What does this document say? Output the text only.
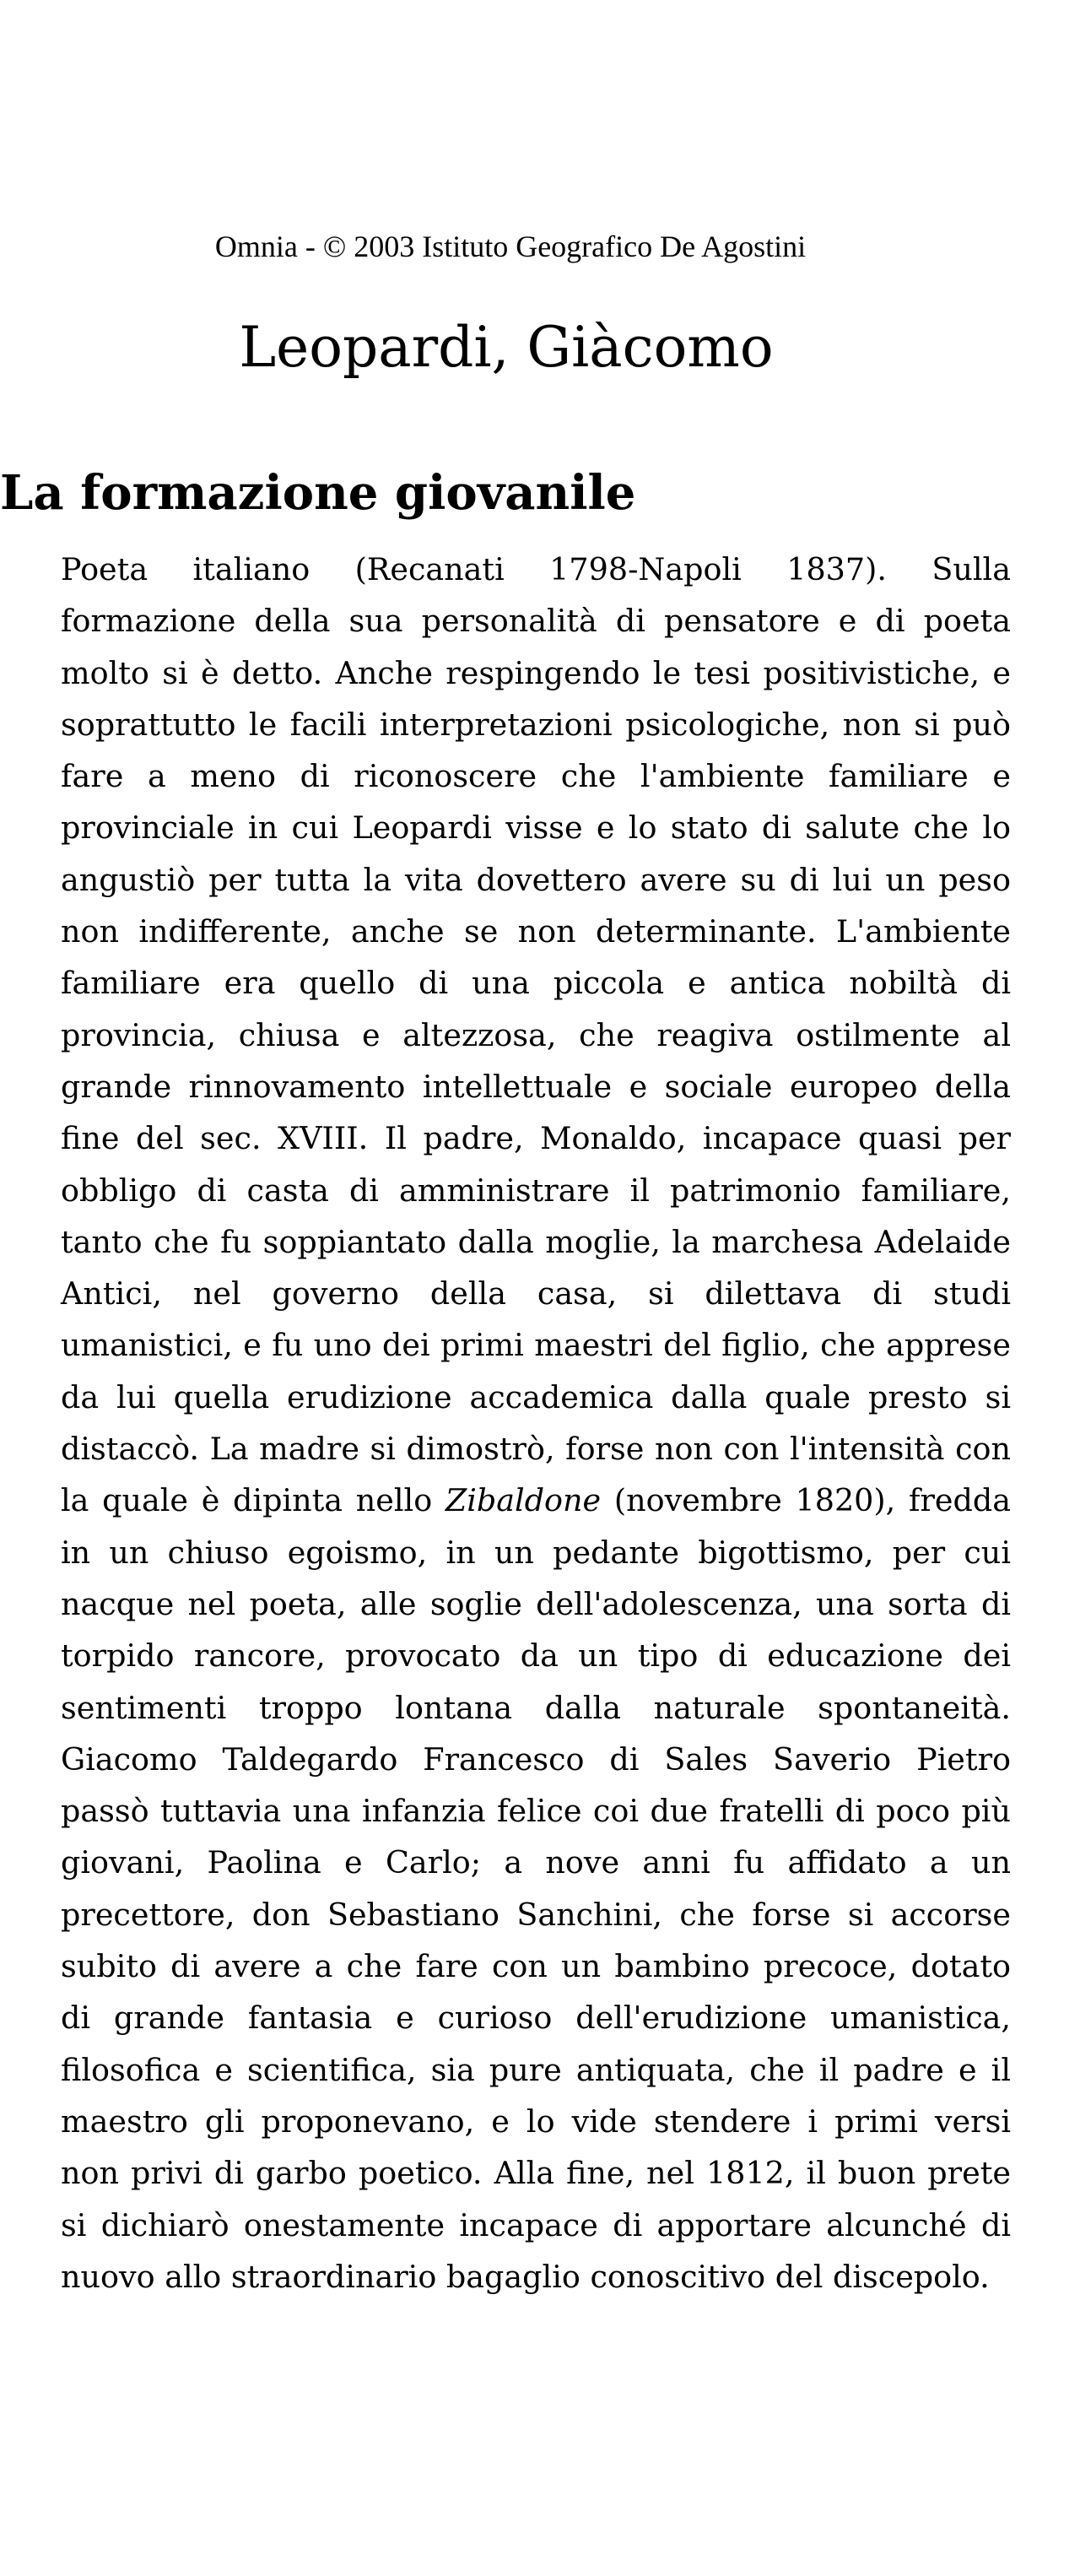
Omnia - © 2003 Istituto Geografico De Agostini
Leopardi, Giàcomo
La formazione giovanile

Poeta italiano (Recanati 1798-Napoli 1837). Sulla formazione della sua personalità di pensatore e di poeta molto si è detto. Anche respingendo le tesi positivistiche, e soprattutto le facili interpretazioni psicologiche, non si può fare a meno di riconoscere che l'ambiente familiare e provinciale in cui Leopardi visse e lo stato di salute che lo angustiò per tutta la vita dovettero avere su di lui un peso non indifferente, anche se non determinante. L'ambiente familiare era quello di una piccola e antica nobiltà di provincia, chiusa e altezzosa, che reagiva ostilmente al grande rinnovamento intellettuale e sociale europeo della fine del sec. XVIII. Il padre, Monaldo, incapace quasi per obbligo di casta di amministrare il patrimonio familiare, tanto che fu soppiantato dalla moglie, la marchesa Adelaide Antici, nel governo della casa, si dilettava di studi umanistici, e fu uno dei primi maestri del figlio, che apprese da lui quella erudizione accademica dalla quale presto si distaccò. La madre si dimostrò, forse non con l'intensità con la quale è dipinta nello Zibaldone (novembre 1820), fredda in un chiuso egoismo, in un pedante bigottismo, per cui nacque nel poeta, alle soglie dell'adolescenza, una sorta di torpido rancore, provocato da un tipo di educazione dei sentimenti troppo lontana dalla naturale spontaneità. Giacomo Taldegardo Francesco di Sales Saverio Pietro passò tuttavia una infanzia felice coi due fratelli di poco più giovani, Paolina e Carlo; a nove anni fu affidato a un precettore, don Sebastiano Sanchini, che forse si accorse subito di avere a che fare con un bambino precoce, dotato di grande fantasia e curioso dell'erudizione umanistica, filosofica e scientifica, sia pure antiquata, che il padre e il maestro gli proponevano, e lo vide stendere i primi versi non privi di garbo poetico. Alla fine, nel 1812, il buon prete si dichiarò onestamente incapace di apportare alcunché di nuovo allo straordinario bagaglio conoscitivo del discepolo.
